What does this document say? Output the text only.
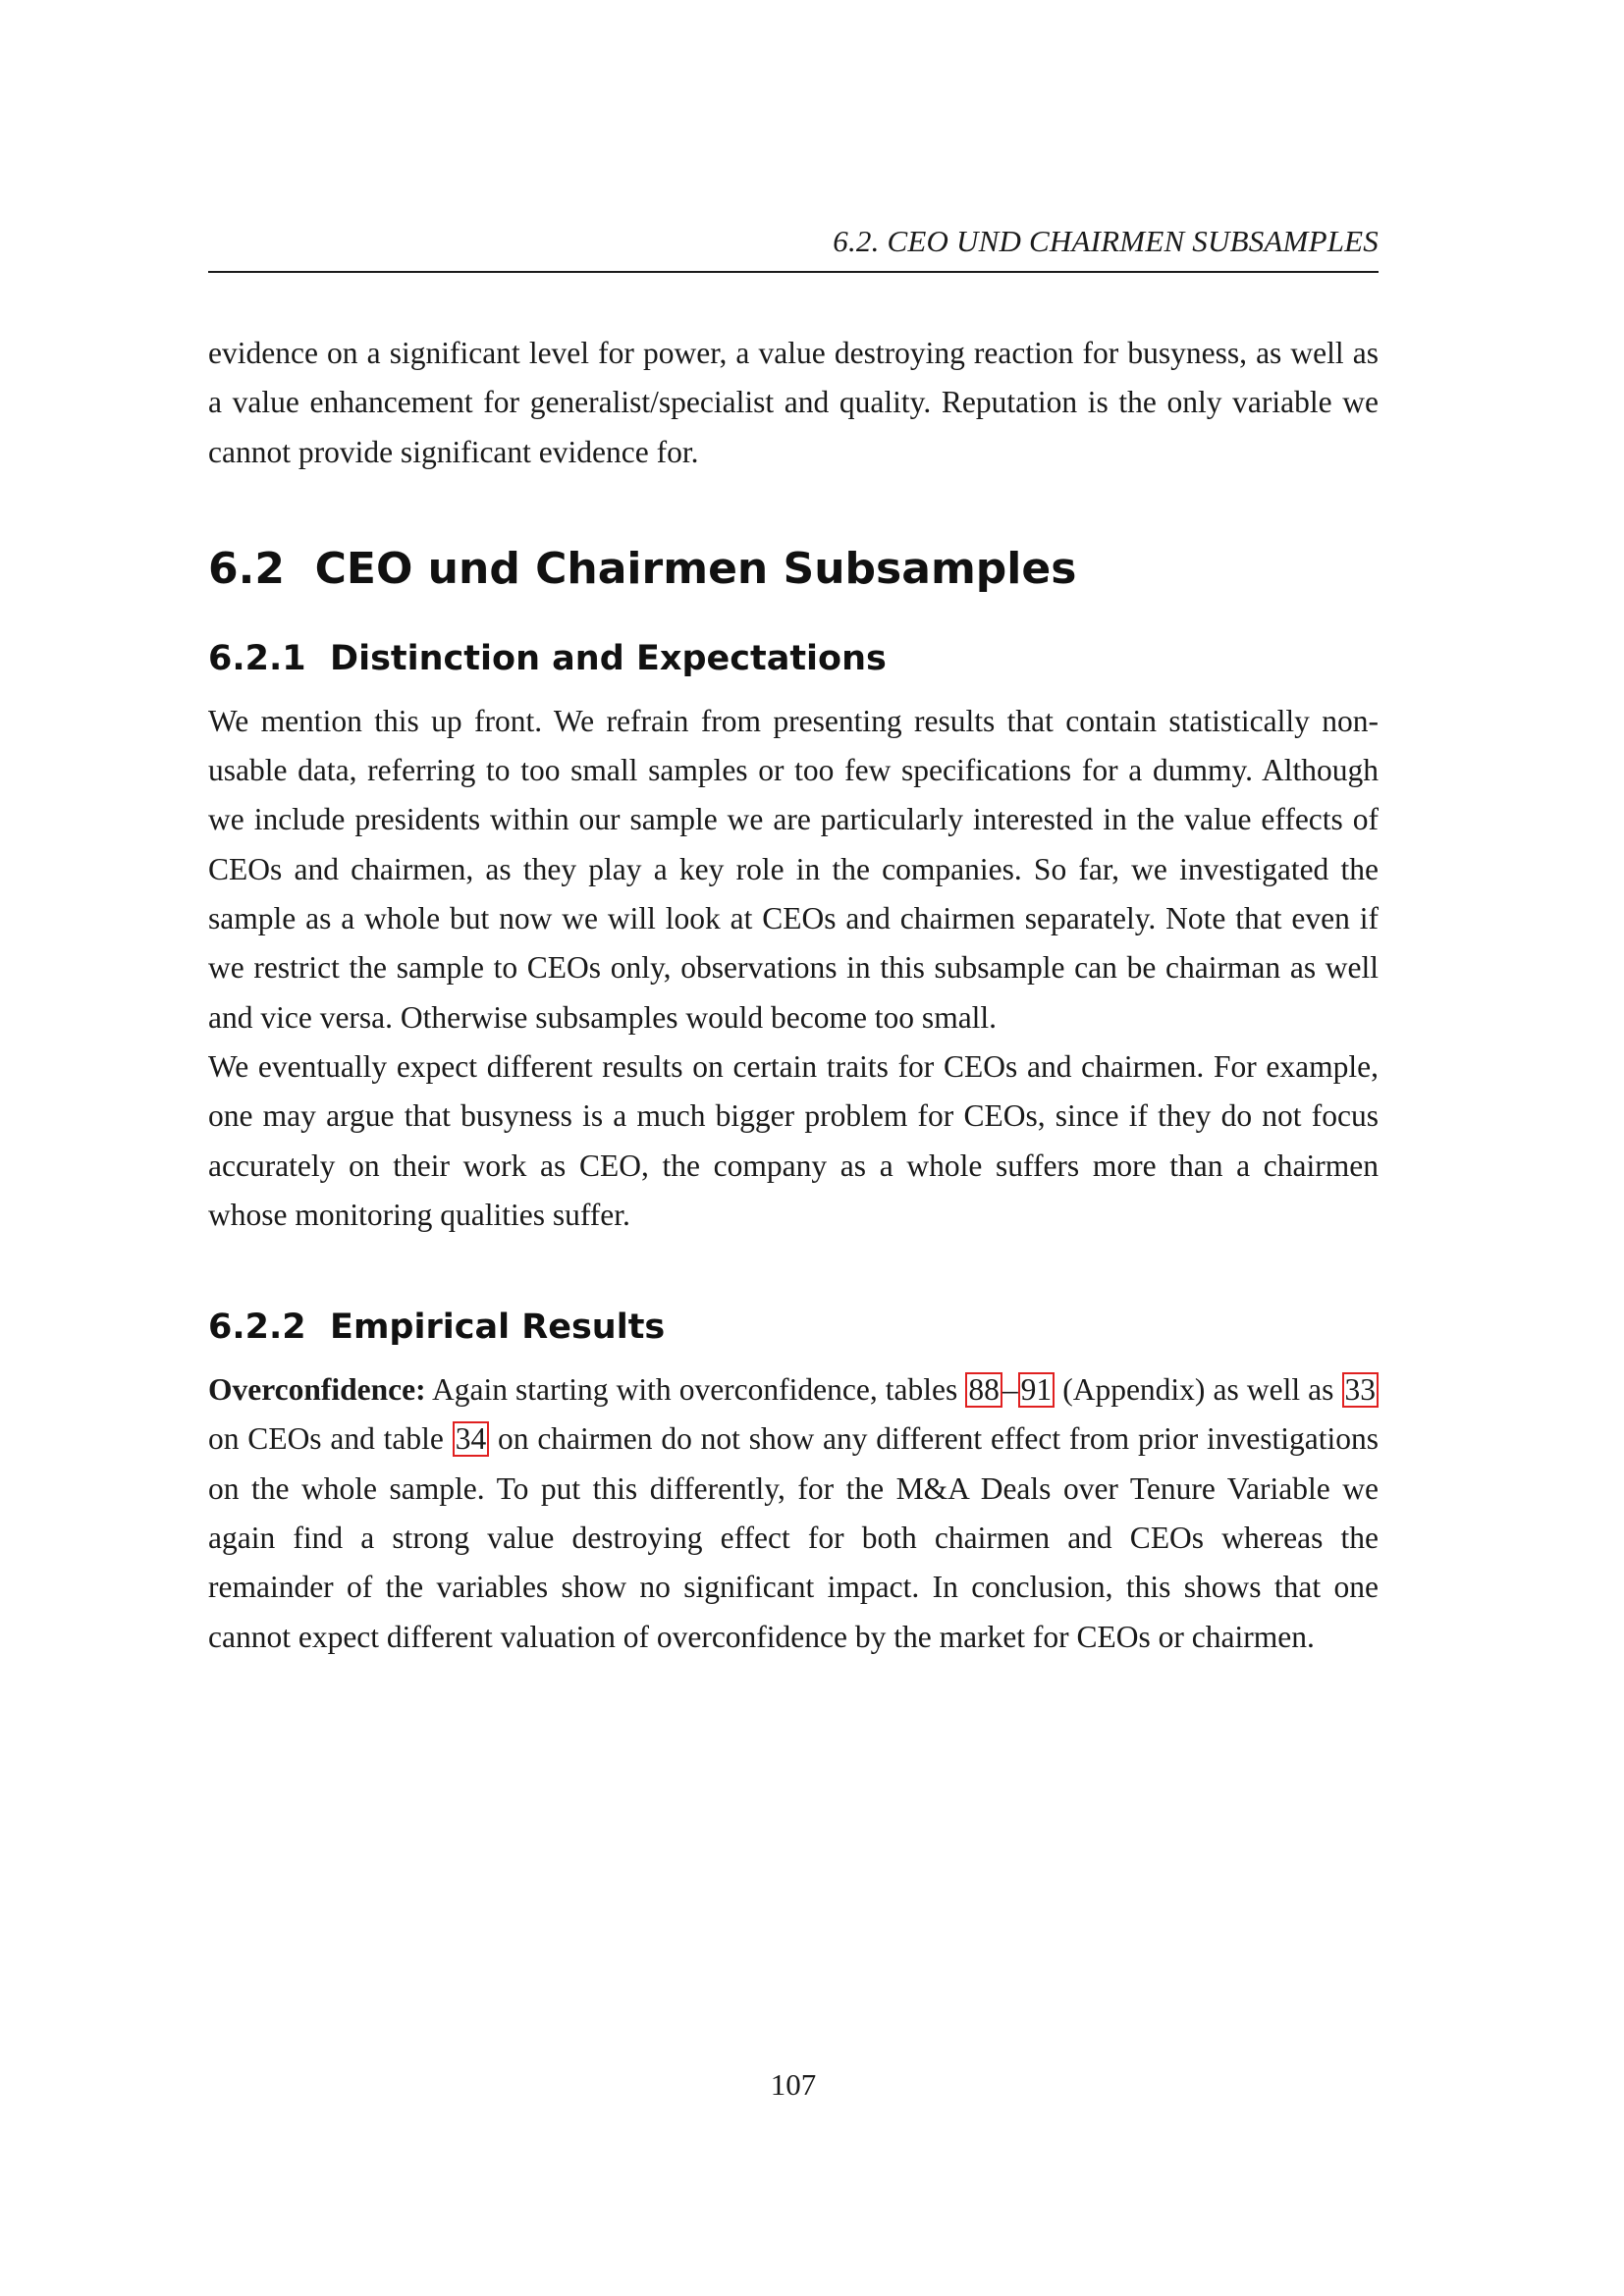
6.2. CEO UND CHAIRMEN SUBSAMPLES

evidence on a significant level for power, a value destroying reaction for busyness, as well as a value enhancement for generalist/specialist and quality. Reputation is the only variable we cannot provide significant evidence for.

6.2 CEO und Chairmen Subsamples
6.2.1 Distinction and Expectations

We mention this up front. We refrain from presenting results that contain statistically non-usable data, referring to too small samples or too few specifications for a dummy. Although we include presidents within our sample we are particularly interested in the value effects of CEOs and chairmen, as they play a key role in the companies. So far, we investigated the sample as a whole but now we will look at CEOs and chairmen separately. Note that even if we restrict the sample to CEOs only, observations in this subsample can be chairman as well and vice versa. Otherwise subsamples would become too small.

We eventually expect different results on certain traits for CEOs and chairmen. For example, one may argue that busyness is a much bigger problem for CEOs, since if they do not focus accurately on their work as CEO, the company as a whole suffers more than a chairmen whose monitoring qualities suffer.

6.2.2 Empirical Results

Overconfidence: Again starting with overconfidence, tables 88–91 (Appendix) as well as 33 on CEOs and table 34 on chairmen do not show any different effect from prior investigations on the whole sample. To put this differently, for the M&A Deals over Tenure Variable we again find a strong value destroying effect for both chairmen and CEOs whereas the remainder of the variables show no significant impact. In conclusion, this shows that one cannot expect different valuation of overconfidence by the market for CEOs or chairmen.

107
